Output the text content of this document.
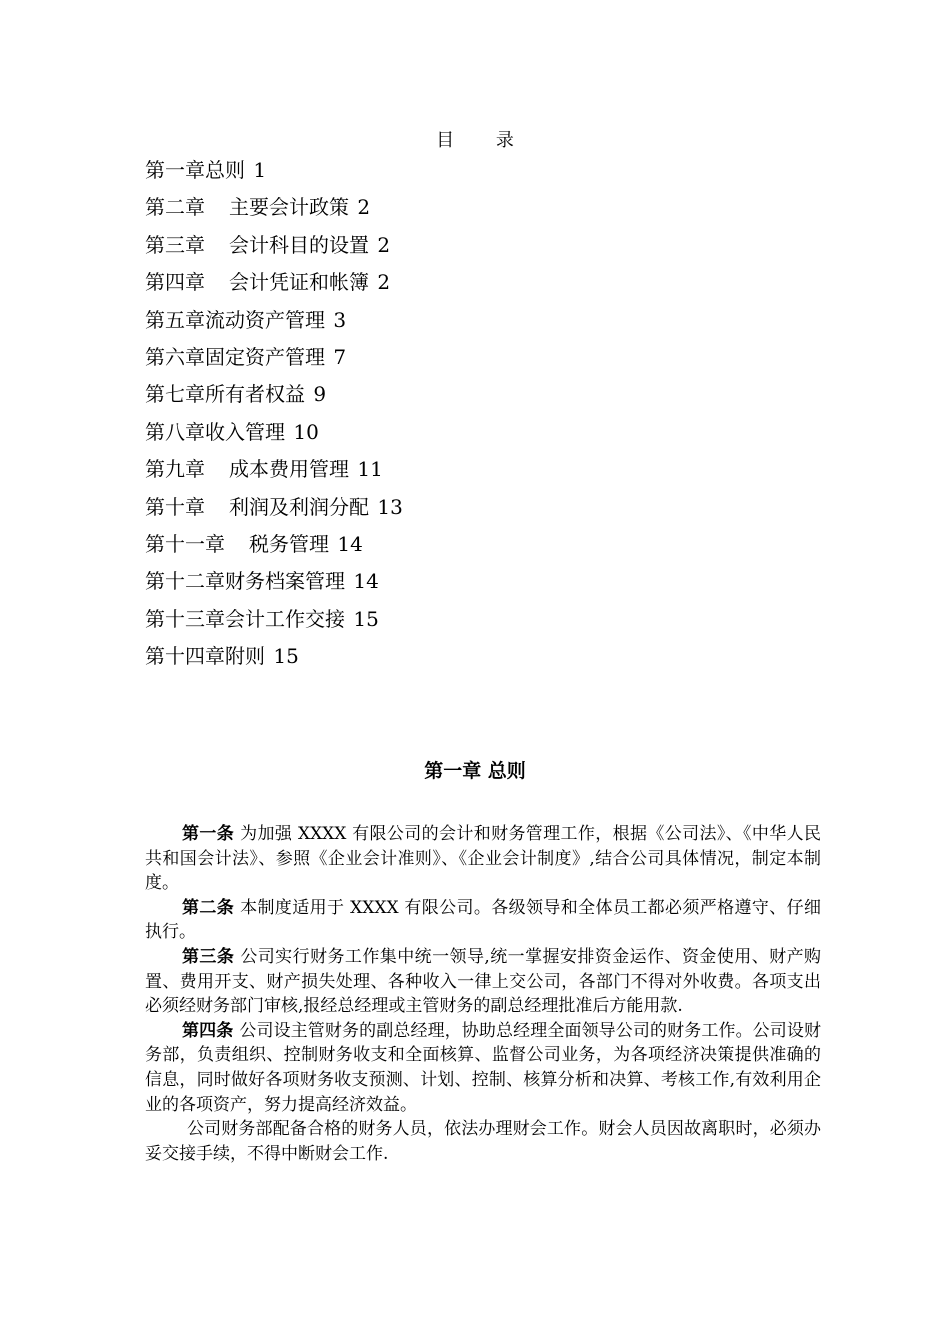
目 录
第一章总则 1
第二章 主要会计政策 2
第三章 会计科目的设置 2
第四章 会计凭证和帐簿 2
第五章流动资产管理 3
第六章固定资产管理 7
第七章所有者权益 9
第八章收入管理 10
第九章 成本费用管理 11
第十章 利润及利润分配 13
第十一章 税务管理 14
第十二章财务档案管理 14
第十三章会计工作交接 15
第十四章附则 15
第一章 总则

第一条 为加强 XXXX 有限公司的会计和财务管理工作，根据《公司法》、《中华人民共和国会计法》、参照《企业会计准则》、《企业会计制度》,结合公司具体情况，制定本制度。

第二条 本制度适用于 XXXX 有限公司。各级领导和全体员工都必须严格遵守、仔细执行。

第三条 公司实行财务工作集中统一领导,统一掌握安排资金运作、资金使用、财产购置、费用开支、财产损失处理、各种收入一律上交公司，各部门不得对外收费。各项支出必须经财务部门审核,报经总经理或主管财务的副总经理批准后方能用款.

第四条 公司设主管财务的副总经理，协助总经理全面领导公司的财务工作。公司设财务部，负责组织、控制财务收支和全面核算、监督公司业务，为各项经济决策提供准确的信息，同时做好各项财务收支预测、计划、控制、核算分析和决算、考核工作,有效利用企业的各项资产，努力提高经济效益。

公司财务部配备合格的财务人员，依法办理财会工作。财会人员因故离职时，必须办妥交接手续，不得中断财会工作.
